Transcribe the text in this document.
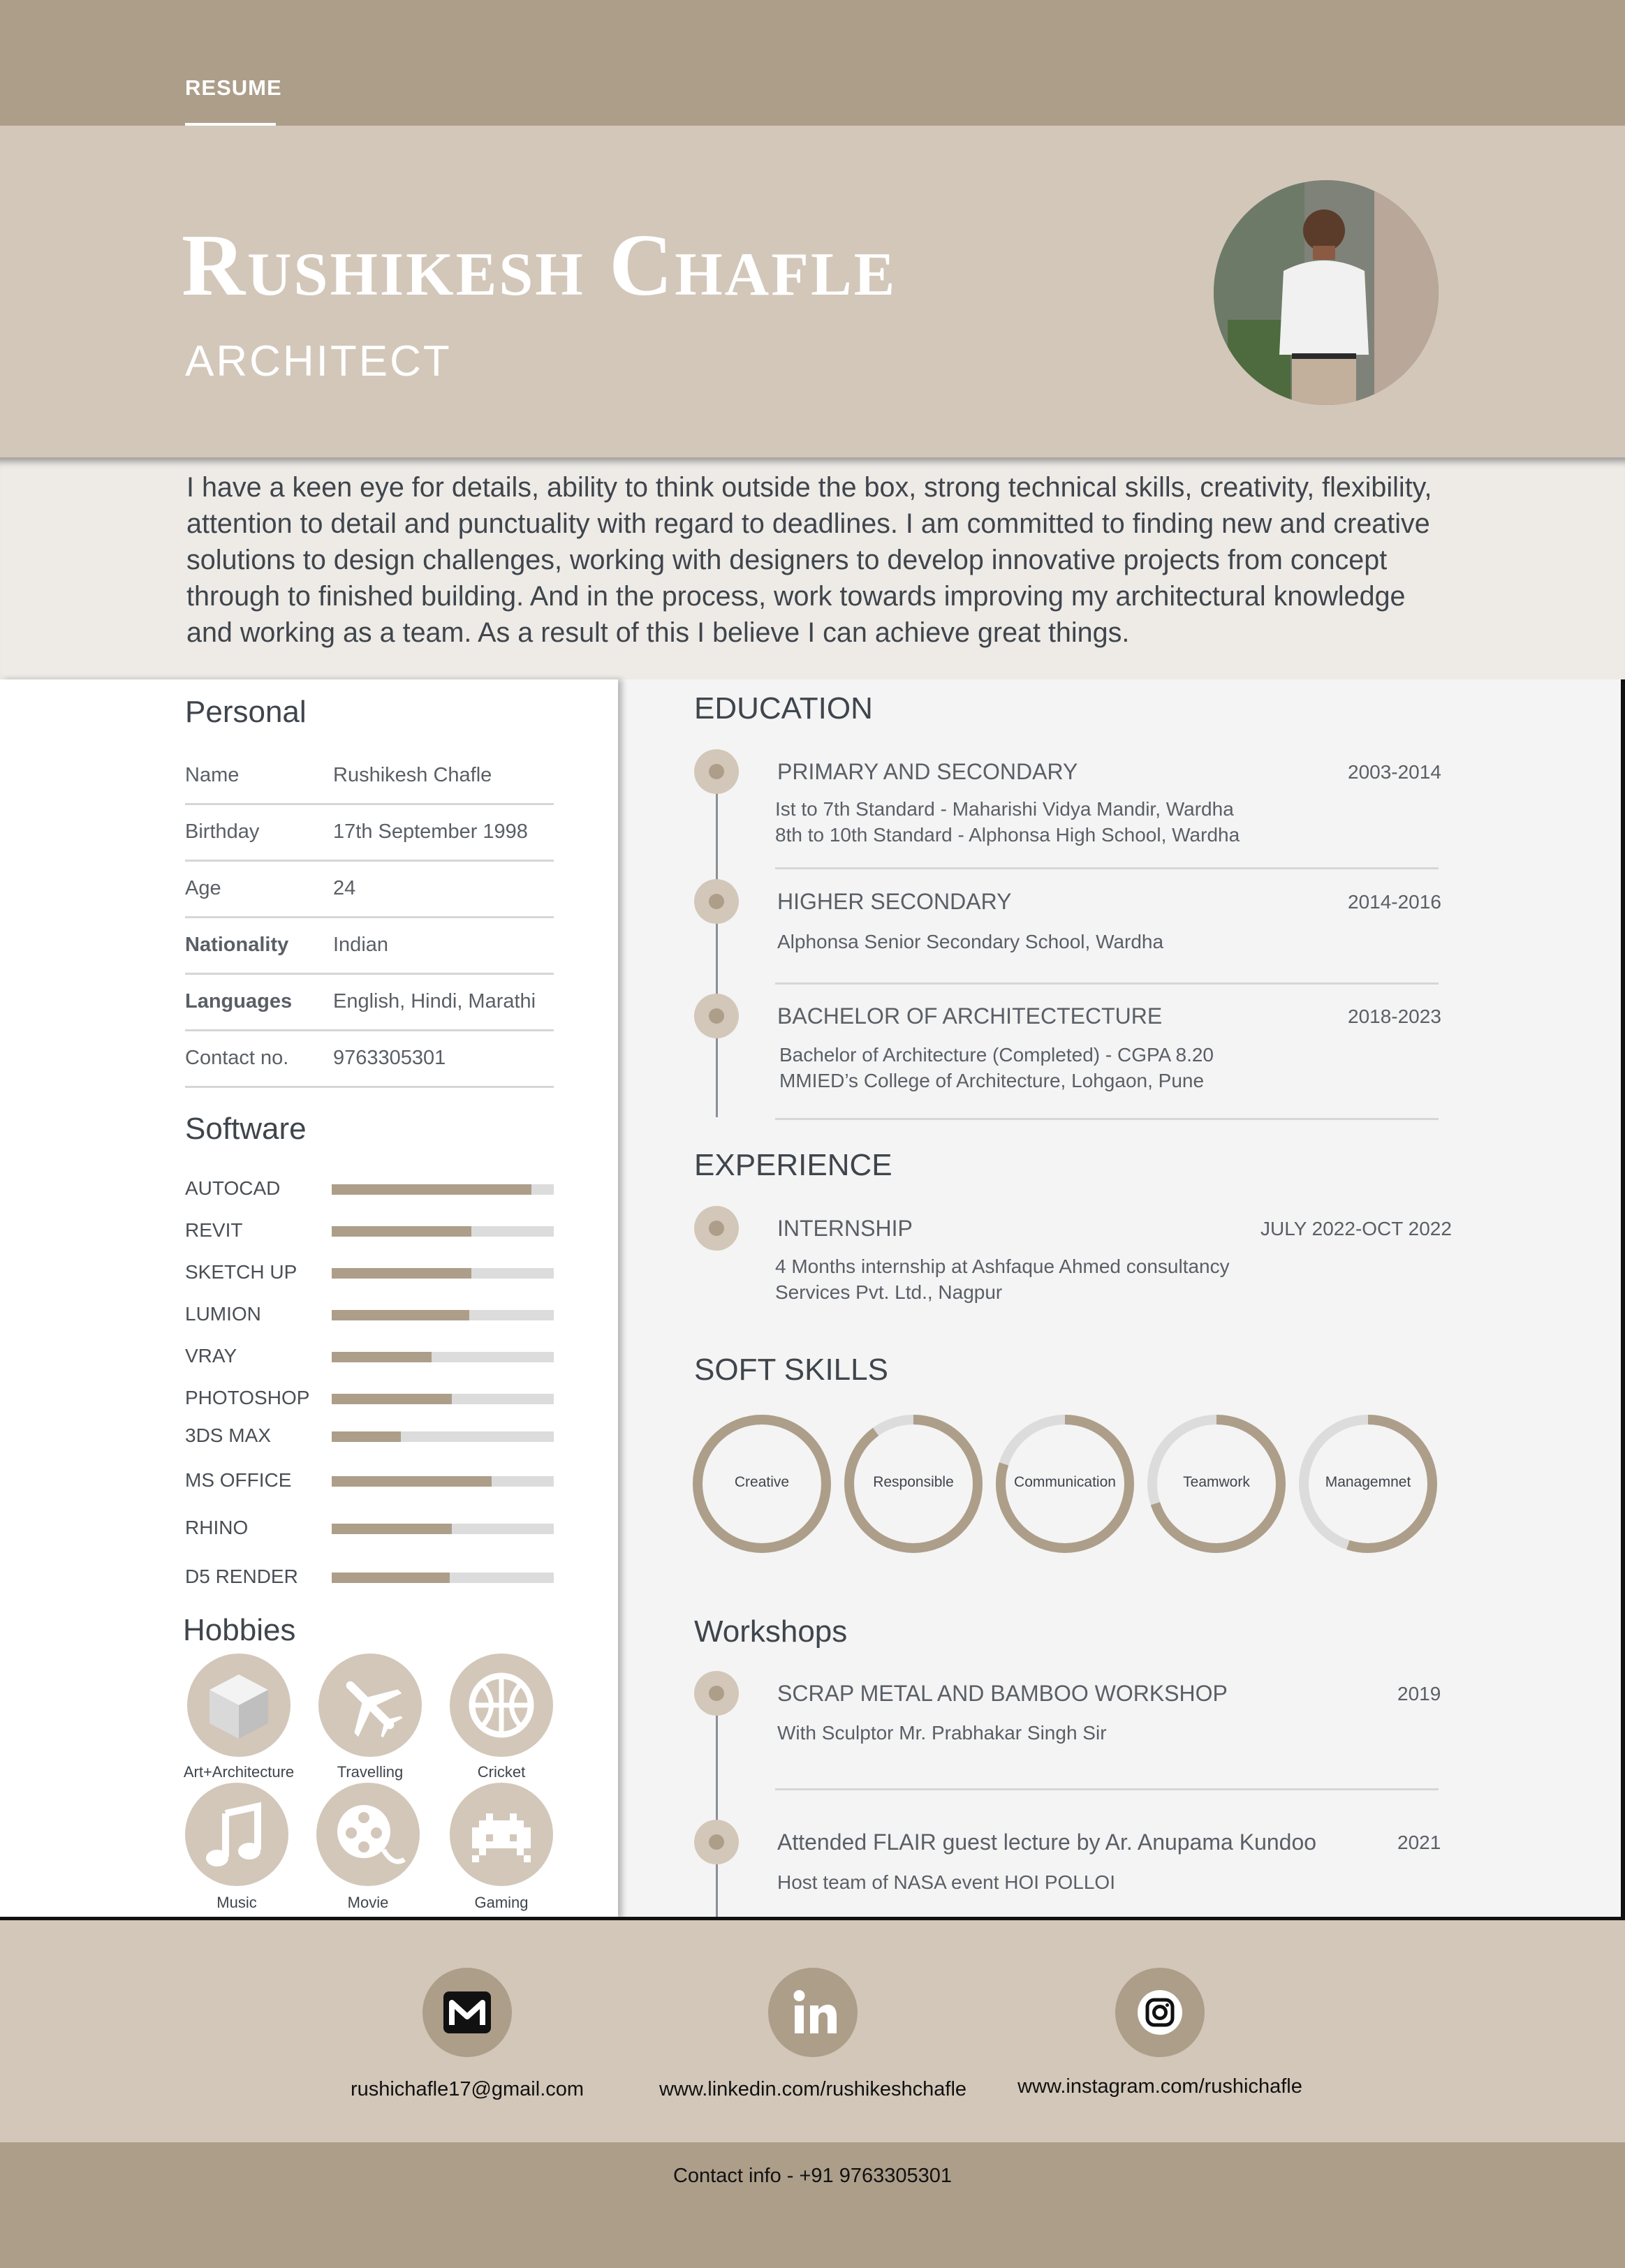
RESUME
Rushikesh Chafle
ARCHITECT
I have a keen eye for details, ability to think outside the box, strong technical skills, creativity, flexibility, attention to detail and punctuality with regard to deadlines. I am committed to finding new and creative solutions to design challenges, working with designers to develop innovative projects from concept through to finished building. And in the process, work towards improving my architectural knowledge and working as a team. As a result of this I believe I can achieve great things.
Personal
Name	Rushikesh Chafle
Birthday	17th September 1998
Age	24
Nationality Indian
Languages English, Hindi, Marathi
Contact no. 9763305301
Software
AUTOCAD
REVIT
SKETCH UP
LUMION
VRAY
PHOTOSHOP
3DS MAX
MS OFFICE
RHINO
D5 RENDER
Hobbies
Art+Architecture	Travelling	Cricket
Music	Movie	Gaming
EDUCATION
PRIMARY AND SECONDARY	2003-2014
Ist to 7th Standard - Maharishi Vidya Mandir, Wardha
8th to 10th Standard - Alphonsa High School, Wardha
HIGHER SECONDARY	2014-2016
Alphonsa Senior Secondary School, Wardha
BACHELOR OF ARCHITECTECTURE	2018-2023
Bachelor of Architecture (Completed) - CGPA 8.20
MMIED’s College of Architecture, Lohgaon, Pune
EXPERIENCE
INTERNSHIP	JULY 2022-OCT 2022
4 Months internship at Ashfaque Ahmed consultancy
Services Pvt. Ltd., Nagpur
SOFT SKILLS
Creative	Responsible	Communication	Teamwork	Managemnet
Workshops
SCRAP METAL AND BAMBOO WORKSHOP	2019
With Sculptor Mr. Prabhakar Singh Sir
Attended FLAIR guest lecture by Ar. Anupama Kundoo	2021
Host team of NASA event HOI POLLOI
rushichafle17@gmail.com	www.linkedin.com/rushikeshchafle	www.instagram.com/rushichafle
Contact info - +91 9763305301
